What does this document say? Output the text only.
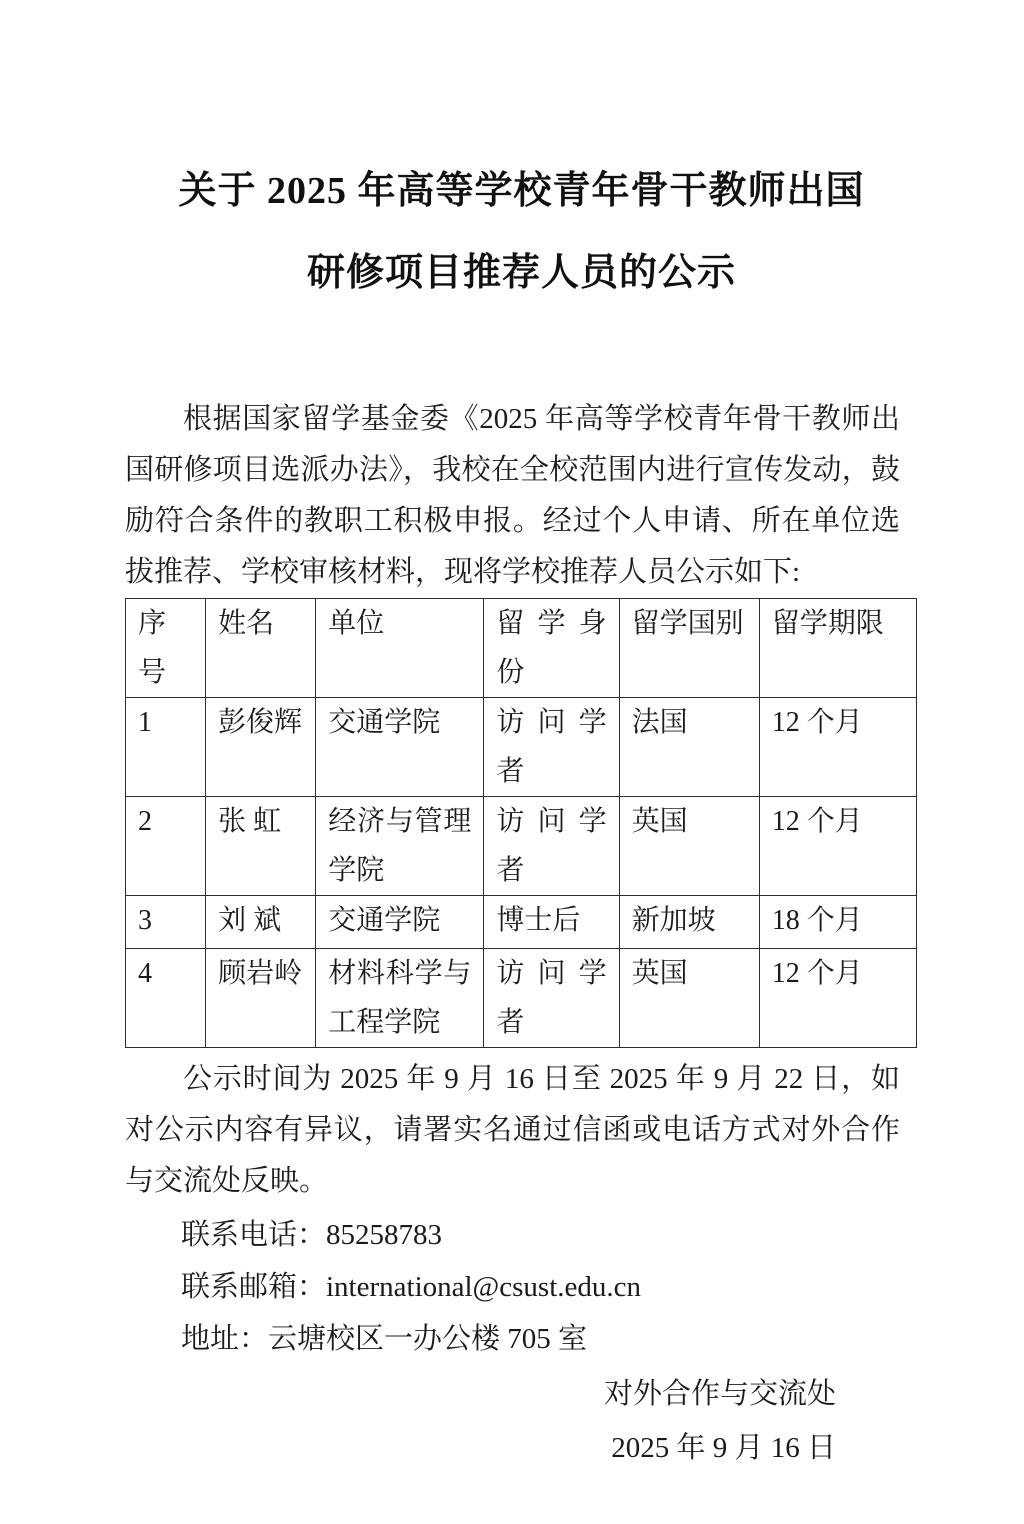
关于 2025 年高等学校青年骨干教师出国
研修项目推荐人员的公示

根据国家留学基金委《2025 年高等学校青年骨干教师出国研修项目选派办法》，我校在全校范围内进行宣传发动，鼓励符合条件的教职工积极申报。经过个人申请、所在单位选拔推荐、学校审核材料，现将学校推荐人员公示如下:

序号	姓名	单位	留学身份	留学国别	留学期限
1	彭俊辉	交通学院	访问学者	法国	12 个月
2	张 虹	经济与管理学院	访问学者	英国	12 个月
3	刘 斌	交通学院	博士后	新加坡	18 个月
4	顾岩岭	材料科学与工程学院	访问学者	英国	12 个月

公示时间为 2025 年 9 月 16 日至 2025 年 9 月 22 日，如对公示内容有异议，请署实名通过信函或电话方式对外合作与交流处反映。

联系电话：85258783
联系邮箱：international@csust.edu.cn
地址：云塘校区一办公楼 705 室
对外合作与交流处
2025 年 9 月 16 日
